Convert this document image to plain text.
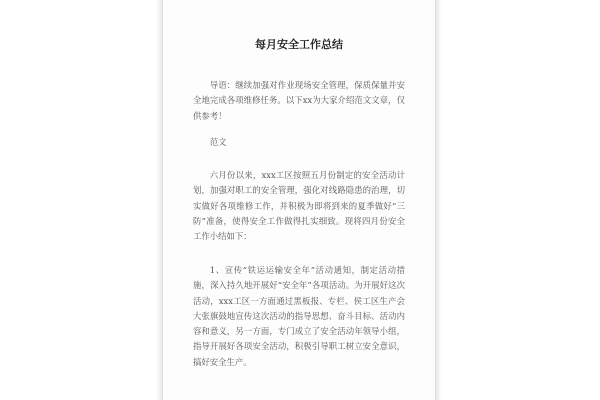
每月安全工作总结

导语：继续加强对作业现场安全管理，保质保量并安全地完成各项维修任务。以下xx为大家介绍范文文章，仅供参考！

范文

六月份以来，xxx工区按照五月份制定的安全活动计划，加强对职工的安全管理，强化对线路隐患的治理，切实做好各项维修工作，并积极为即将到来的夏季做好“三防”准备，使得安全工作做得扎实细致。现将四月份安全工作小结如下：

1、宣传“铁运运输安全年”活动通知，制定活动措施，深入持久地开展好“安全年”各项活动。为开展好这次活动，xxx工区一方面通过黑板报、专栏、侯工区生产会大张旗鼓地宣传这次活动的指导思想、奋斗目标、活动内容和意义，另一方面，专门成立了安全活动年领导小组，指导开展好各项安全活动，积极引导职工树立安全意识，搞好安全生产。
